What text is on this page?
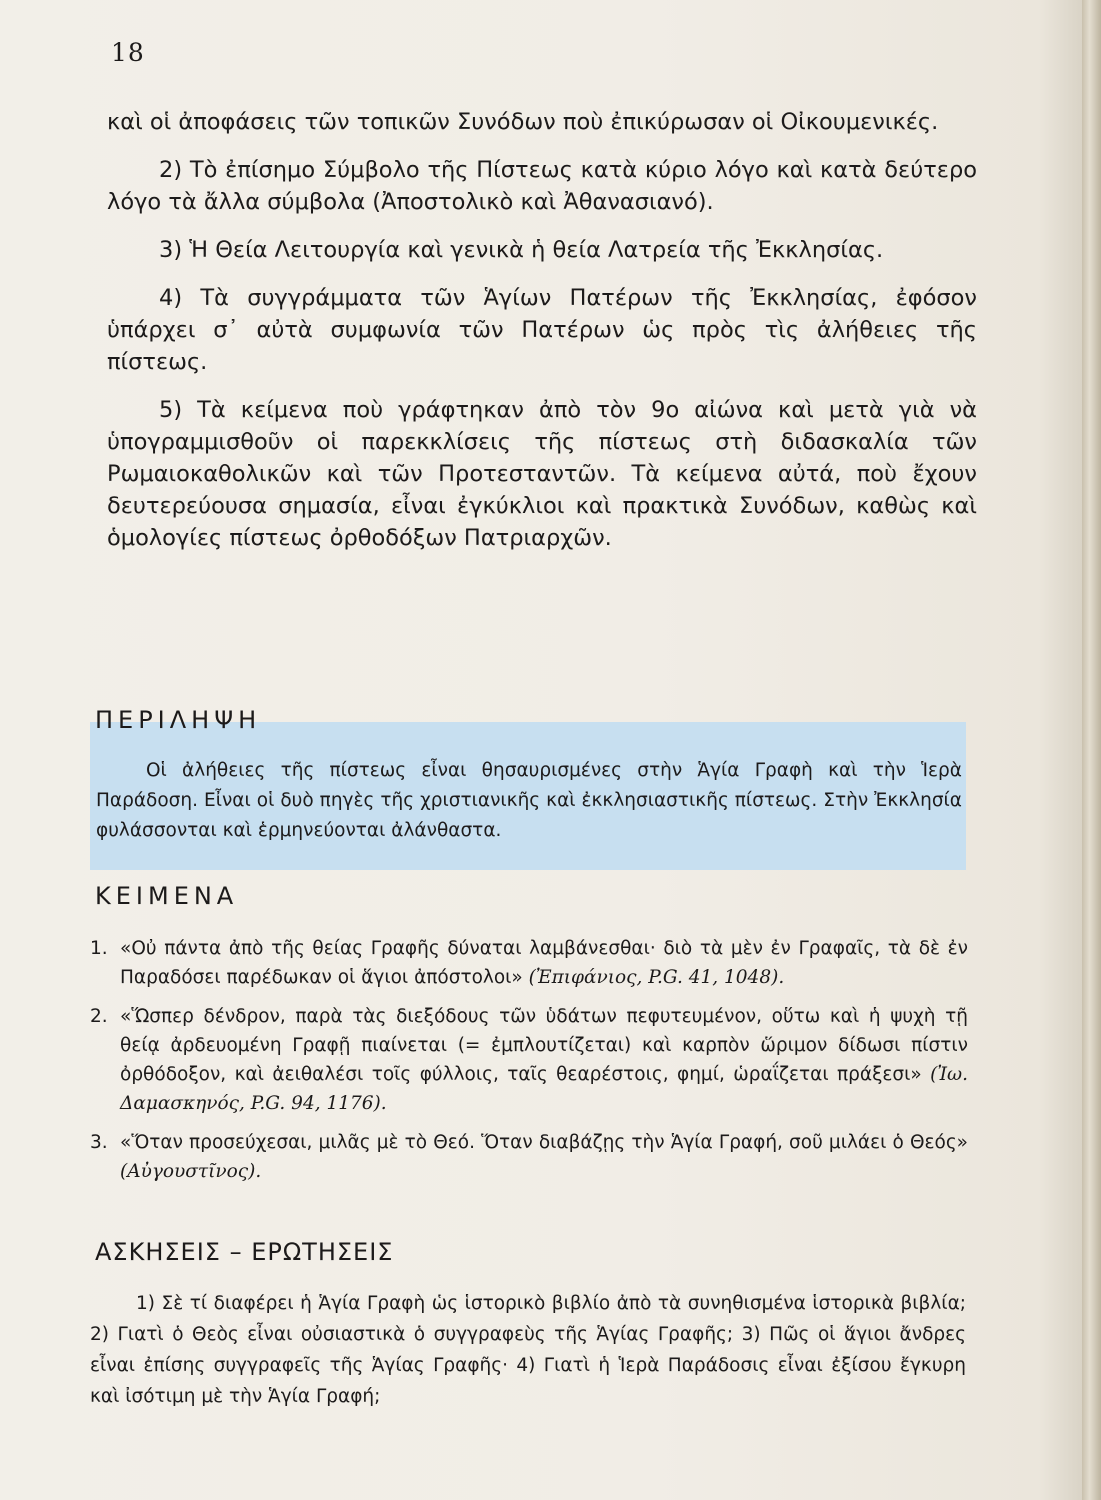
18

καὶ οἱ ἀποφάσεις τῶν τοπικῶν Συνόδων ποὺ ἐπικύρωσαν οἱ Οἰκουμενικές.

2) Τὸ ἐπίσημο Σύμβολο τῆς Πίστεως κατὰ κύριο λόγο καὶ κατὰ δεύτερο λόγο τὰ ἄλλα σύμβολα (Ἀποστολικὸ καὶ Ἀθανασιανό).

3) Ἡ Θεία Λειτουργία καὶ γενικὰ ἡ θεία Λατρεία τῆς Ἐκκλησίας.

4) Τὰ συγγράμματα τῶν Ἁγίων Πατέρων τῆς Ἐκκλησίας, ἐφόσον ὑπάρχει σ᾽ αὐτὰ συμφωνία τῶν Πατέρων ὡς πρὸς τὶς ἀλήθειες τῆς πίστεως.

5) Τὰ κείμενα ποὺ γράφτηκαν ἀπὸ τὸν 9ο αἰώνα καὶ μετὰ γιὰ νὰ ὑπογραμμισθοῦν οἱ παρεκκλίσεις τῆς πίστεως στὴ διδασκαλία τῶν Ρωμαιοκαθολικῶν καὶ τῶν Προτεσταντῶν. Τὰ κείμενα αὐτά, ποὺ ἔχουν δευτερεύουσα σημασία, εἶναι ἐγκύκλιοι καὶ πρακτικὰ Συνόδων, καθὼς καὶ ὁμολογίες πίστεως ὀρθοδόξων Πατριαρχῶν.

ΠΕΡΙΛΗΨΗ

Οἱ ἀλήθειες τῆς πίστεως εἶναι θησαυρισμένες στὴν Ἁγία Γραφὴ καὶ τὴν Ἱερὰ Παράδοση. Εἶναι οἱ δυὸ πηγὲς τῆς χριστιανικῆς καὶ ἐκκλησιαστικῆς πίστεως. Στὴν Ἐκκλησία φυλάσσονται καὶ ἑρμηνεύονται ἀλάνθαστα.

ΚΕΙΜΕΝΑ
1. «Οὐ πάντα ἀπὸ τῆς θείας Γραφῆς δύναται λαμβάνεσθαι· διὸ τὰ μὲν ἐν Γραφαῖς, τὰ δὲ ἐν Παραδόσει παρέδωκαν οἱ ἅγιοι ἀπόστολοι» (Ἐπιφάνιος, P.G. 41, 1048).
2. «Ὥσπερ δένδρον, παρὰ τὰς διεξόδους τῶν ὑδάτων πεφυτευμένον, οὕτω καὶ ἡ ψυχὴ τῇ θείᾳ ἀρδευομένη Γραφῇ πιαίνεται (= ἐμπλουτίζεται) καὶ καρπὸν ὥριμον δίδωσι πίστιν ὀρθόδοξον, καὶ ἀειθαλέσι τοῖς φύλλοις, ταῖς θεαρέστοις, φημί, ὡραΐζεται πράξεσι» (Ἰω. Δαμασκηνός, P.G. 94, 1176).
3. «Ὅταν προσεύχεσαι, μιλᾶς μὲ τὸ Θεό. Ὅταν διαβάζῃς τὴν Ἁγία Γραφή, σοῦ μιλάει ὁ Θεός» (Αὐγουστῖνος).
ΑΣΚΗΣΕΙΣ – ΕΡΩΤΗΣΕΙΣ

1) Σὲ τί διαφέρει ἡ Ἁγία Γραφὴ ὡς ἱστορικὸ βιβλίο ἀπὸ τὰ συνηθισμένα ἱστορικὰ βιβλία; 2) Γιατὶ ὁ Θεὸς εἶναι οὐσιαστικὰ ὁ συγγραφεὺς τῆς Ἁγίας Γραφῆς; 3) Πῶς οἱ ἅγιοι ἄνδρες εἶναι ἐπίσης συγγραφεῖς τῆς Ἁγίας Γραφῆς· 4) Γιατὶ ἡ Ἱερὰ Παράδοσις εἶναι ἐξίσου ἔγκυρη καὶ ἰσότιμη μὲ τὴν Ἁγία Γραφή;
